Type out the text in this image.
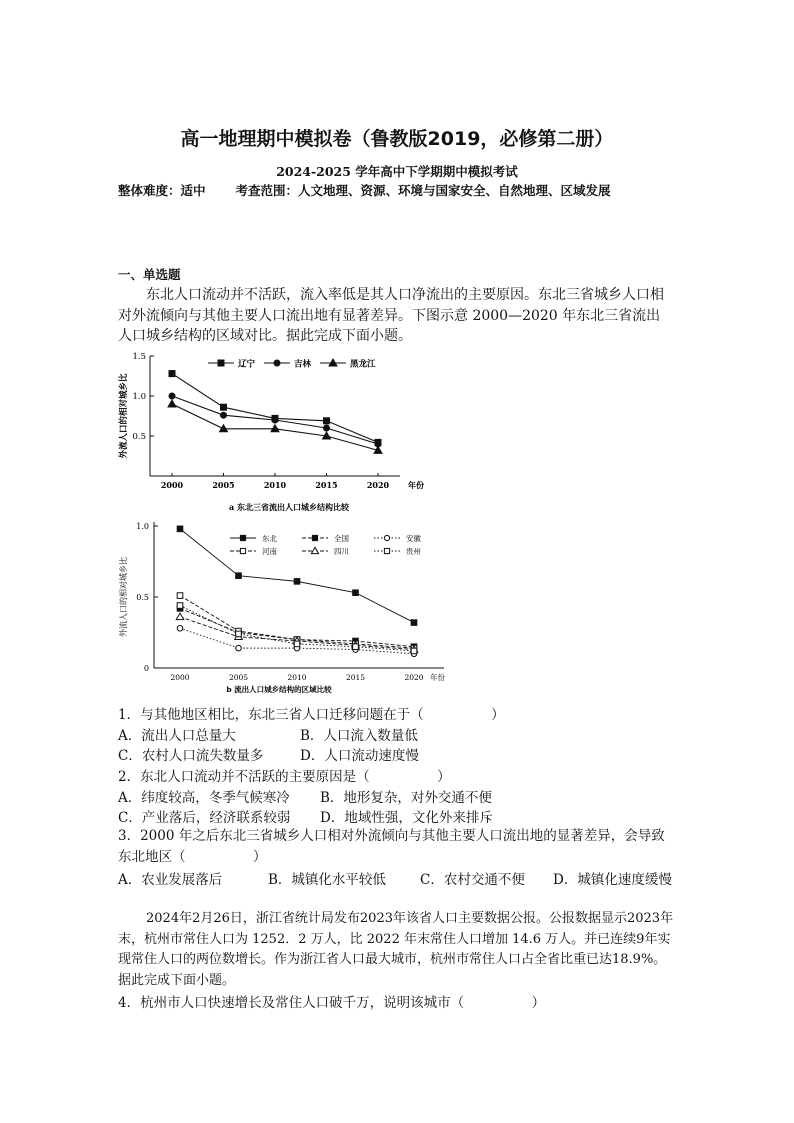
高一地理期中模拟卷（鲁教版2019，必修第二册）
2024-2025 学年高中下学期期中模拟考试
整体难度：适中 考查范围：人文地理、资源、环境与国家安全、自然地理、区域发展
一、单选题
东北人口流动并不活跃，流入率低是其人口净流出的主要原因。东北三省城乡人口相对外流倾向与其他主要人口流出地有显著差异。下图示意 2000—2020 年东北三省流出人口城乡结构的区域对比。据此完成下面小题。
0.5
1.0
1.5
2000	2005	2010	2015	2020 年份
外流人口的相对城乡比
a 东北三省流出人口城乡结构比较
辽宁	吉林	黑龙江
0
0.5
1.0
2000	2005	2010	2015	2020 年份
外流人口的相对城乡比
b 流出人口城乡结构的区域比较
东北	全国	安徽
河南	四川	贵州
1．与其他地区相比，东北三省人口迁移问题在于（　　　　　）
A．流出人口总量大	B．人口流入数量低
C．农村人口流失数量多	D．人口流动速度慢
2．东北人口流动并不活跃的主要原因是（　　　　　）
A．纬度较高，冬季气候寒冷 B．地形复杂，对外交通不便
C．产业落后，经济联系较弱 D．地域性强，文化外来排斥
3．2000 年之后东北三省城乡人口相对外流倾向与其他主要人口流出地的显著差异，会导致东北地区（　　　　　）
A．农业发展落后	B．城镇化水平较低	C．农村交通不便 D．城镇化速度缓慢
2024年2月26日，浙江省统计局发布2023年该省人口主要数据公报。公报数据显示2023年末，杭州市常住人口为 1252．2 万人，比 2022 年末常住人口增加 14.6 万人。并已连续9年实现常住人口的两位数增长。作为浙江省人口最大城市，杭州市常住人口占全省比重已达18.9%。据此完成下面小题。
4．杭州市人口快速增长及常住人口破千万，说明该城市（　　　　　）
